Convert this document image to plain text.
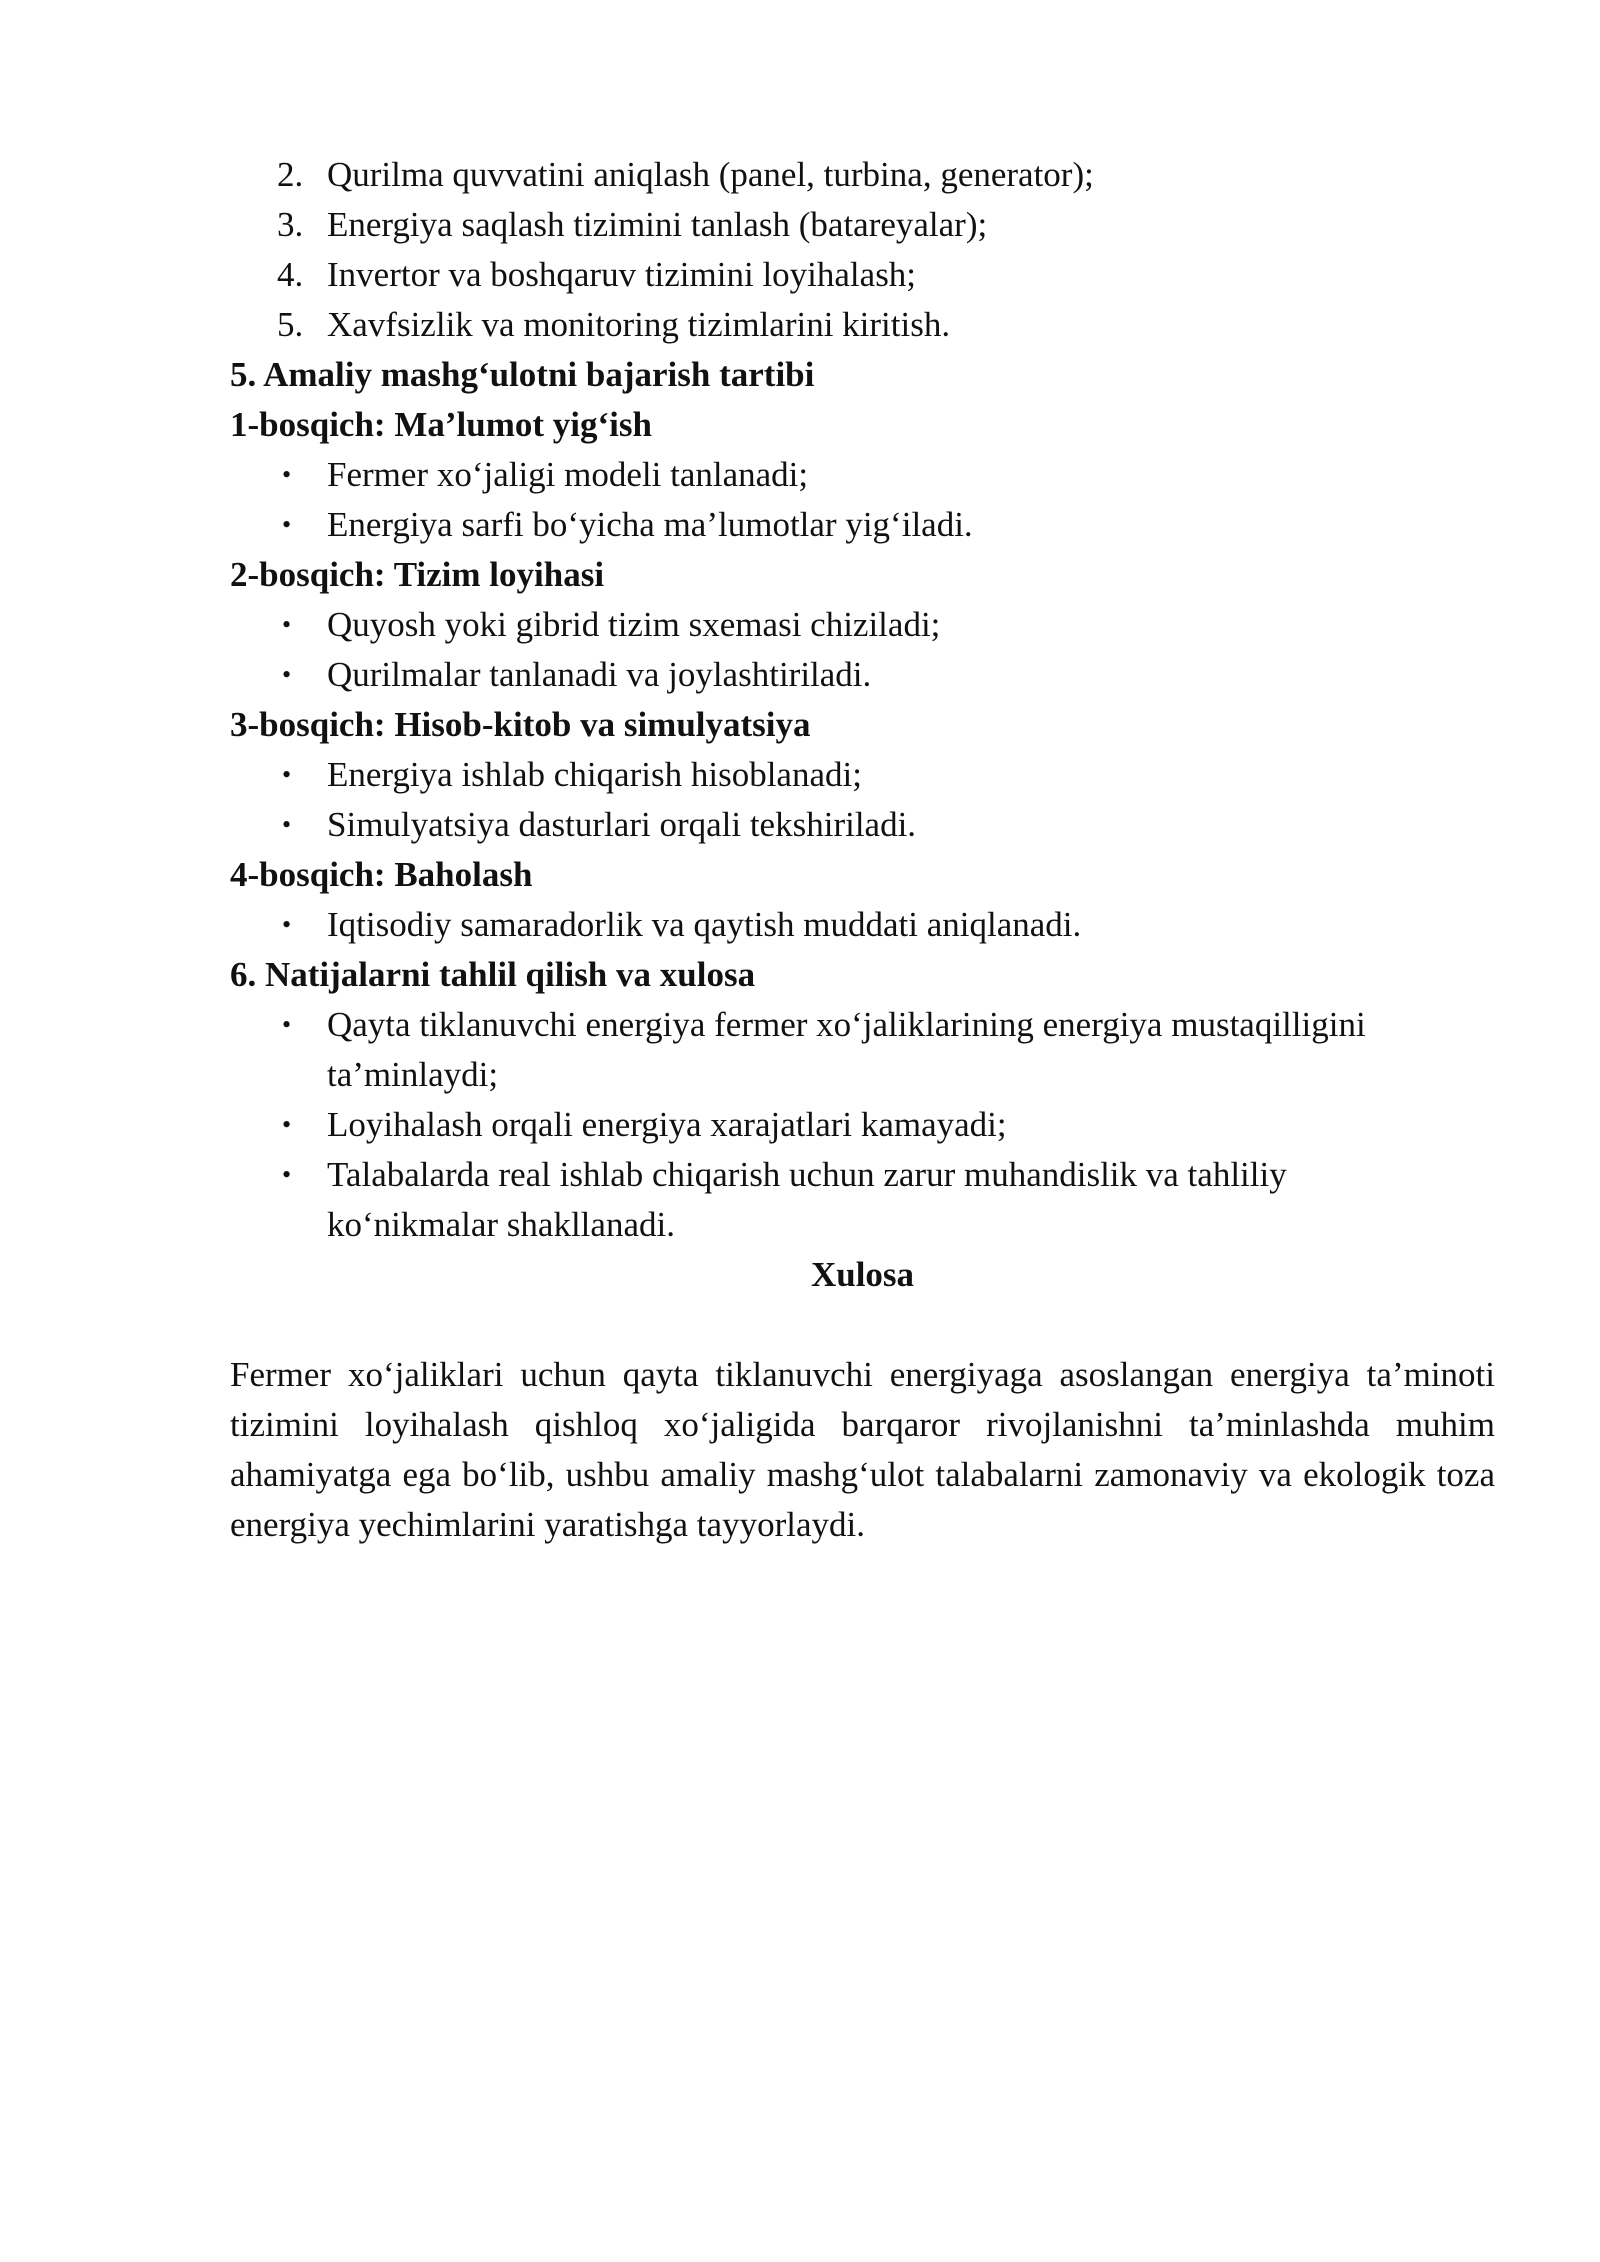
2. Qurilma quvvatini aniqlash (panel, turbina, generator);
3. Energiya saqlash tizimini tanlash (batareyalar);
4. Invertor va boshqaruv tizimini loyihalash;
5. Xavfsizlik va monitoring tizimlarini kiritish.
5. Amaliy mashg‘ulotni bajarish tartibi
1-bosqich: Ma’lumot yig‘ish
• Fermer xo‘jaligi modeli tanlanadi;
• Energiya sarfi bo‘yicha ma’lumotlar yig‘iladi.
2-bosqich: Tizim loyihasi
• Quyosh yoki gibrid tizim sxemasi chiziladi;
• Qurilmalar tanlanadi va joylashtiriladi.
3-bosqich: Hisob-kitob va simulyatsiya
• Energiya ishlab chiqarish hisoblanadi;
• Simulyatsiya dasturlari orqali tekshiriladi.
4-bosqich: Baholash
• Iqtisodiy samaradorlik va qaytish muddati aniqlanadi.
6. Natijalarni tahlil qilish va xulosa
• Qayta tiklanuvchi energiya fermer xo‘jaliklarining energiya mustaqilligini ta’minlaydi;
• Loyihalash orqali energiya xarajatlari kamayadi;
• Talabalarda real ishlab chiqarish uchun zarur muhandislik va tahliliy ko‘nikmalar shakllanadi.
Xulosa
Fermer xo‘jaliklari uchun qayta tiklanuvchi energiyaga asoslangan energiya ta’minoti tizimini loyihalash qishloq xo‘jaligida barqaror rivojlanishni ta’minlashda muhim ahamiyatga ega bo‘lib, ushbu amaliy mashg‘ulot talabalarni zamonaviy va ekologik toza energiya yechimlarini yaratishga tayyorlaydi.
